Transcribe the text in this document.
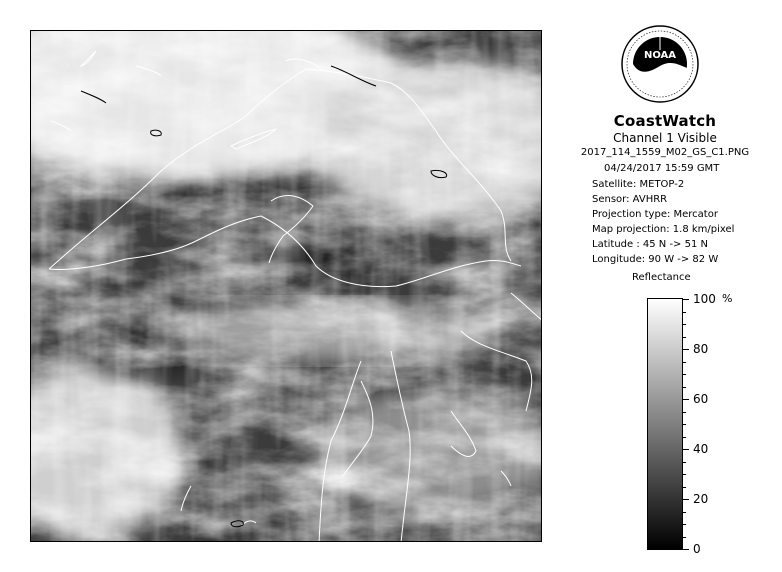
NOAA
CoastWatch
Channel 1 Visible
2017_114_1559_M02_GS_C1.PNG
04/24/2017 15:59 GMT
Satellite: METOP-2
Sensor: AVHRR
Projection type: Mercator
Map projection: 1.8 km/pixel
Latitude : 45 N -> 51 N
Longitude: 90 W -> 82 W
Reflectance
0
20
40
60
80
100 %
